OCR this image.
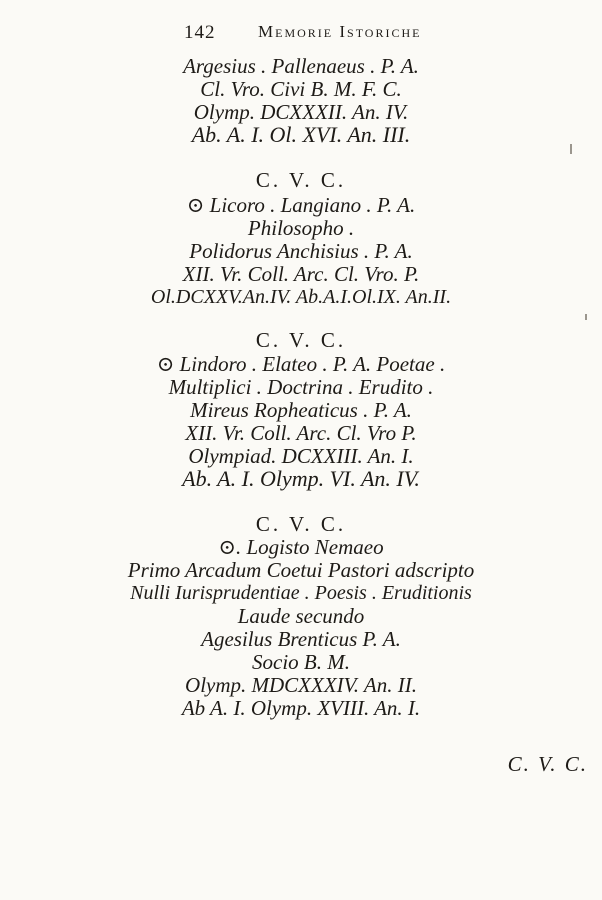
142	Memorie Istoriche
Argesius . Pallenaeus . P. A.
Cl. Vro. Civi B. M. F. C.
Olymp. DCXXXII. An. IV.
Ab. A. I. Ol. XVI. An. III.
C. V. C.
⊙ Licoro . Langiano . P. A.
Philosopho .
Polidorus Anchisius . P. A.
XII. Vr. Coll. Arc. Cl. Vro. P.
Ol.DCXXV.An.IV. Ab.A.I.Ol.IX. An.II.
C. V. C.
⊙ Lindoro . Elateo . P. A. Poetae .
Multiplici . Doctrina . Erudito .
Mireus Ropheaticus . P. A.
XII. Vr. Coll. Arc. Cl. Vro P.
Olympiad. DCXXIII. An. I.
Ab. A. I. Olymp. VI. An. IV.
C. V. C.
⊙. Logisto Nemaeo
Primo Arcadum Coetui Pastori adscripto
Nulli Iurisprudentiae . Poesis . Eruditionis
Laude secundo
Agesilus Brenticus P. A.
Socio B. M.
Olymp. MDCXXXIV. An. II.
Ab A. I. Olymp. XVIII. An. I.
C. V. C.
